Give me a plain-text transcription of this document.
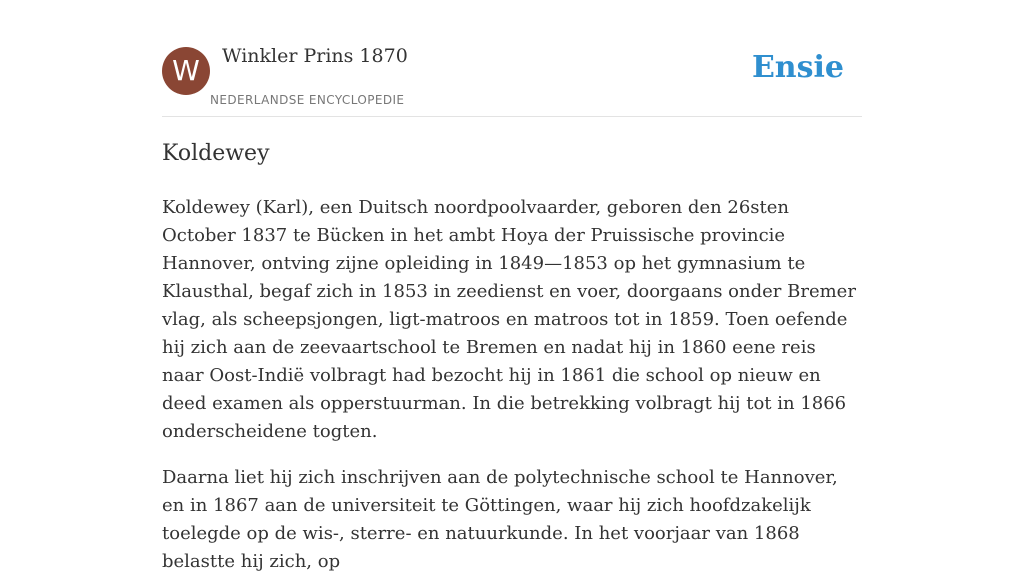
W	Winkler Prins 1870
NEDERLANDSE ENCYCLOPEDIE
Ensie
Koldewey

Koldewey (Karl), een Duitsch noordpoolvaarder, geboren den 26sten October 1837 te Bücken in het ambt Hoya der Pruissische provincie Hannover, ontving zijne opleiding in 1849—1853 op het gymnasium te Klausthal, begaf zich in 1853 in zeedienst en voer, doorgaans onder Bremer vlag, als scheepsjongen, ligt-matroos en matroos tot in 1859. Toen oefende hij zich aan de zeevaartschool te Bremen en nadat hij in 1860 eene reis naar Oost-Indië volbragt had bezocht hij in 1861 die school op nieuw en deed examen als opperstuurman. In die betrekking volbragt hij tot in 1866 onderscheidene togten.

Daarna liet hij zich inschrijven aan de polytechnische school te Hannover, en in 1867 aan de universiteit te Göttingen, waar hij zich hoofdzakelijk toelegde op de wis-, sterre- en natuurkunde. In het voorjaar van 1868 belastte hij zich, op
